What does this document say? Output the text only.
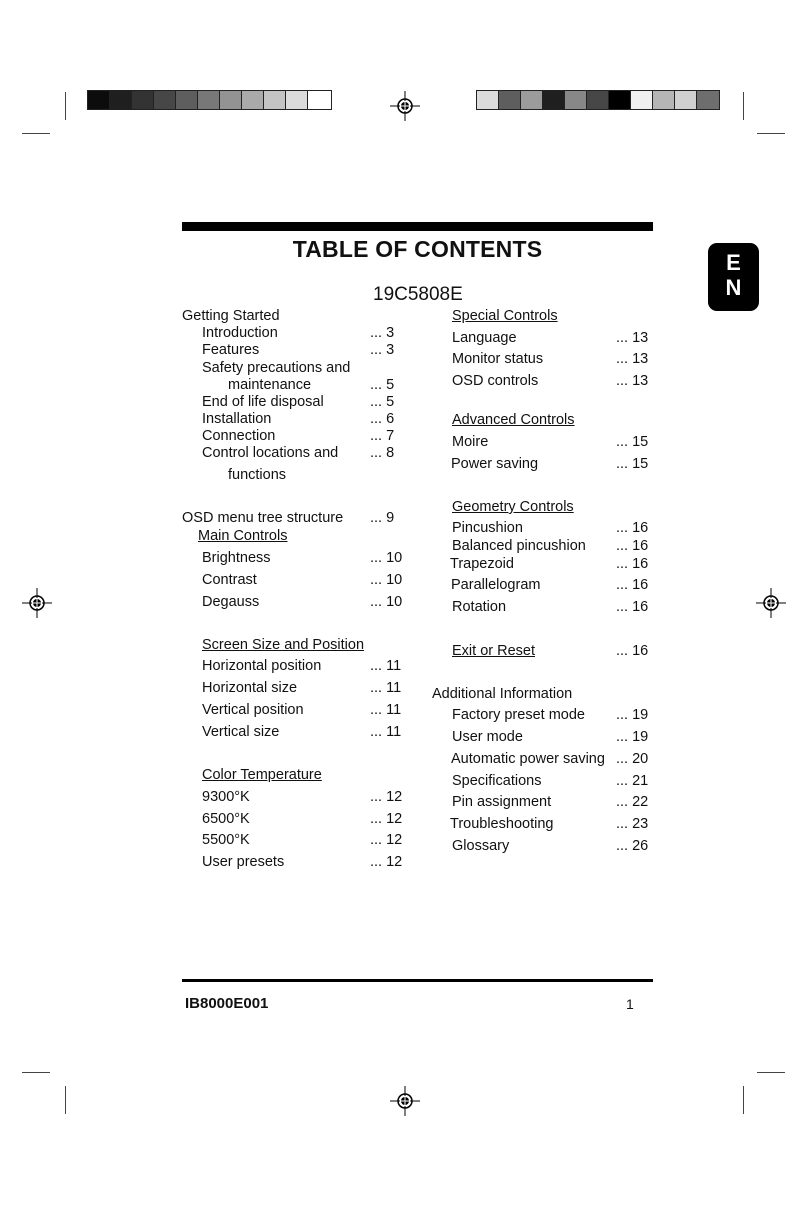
E
N
TABLE OF CONTENTS
19C5808E
Getting Started
Introduction	... 3
Features	... 3
Safety precautions and
maintenance	... 5
End of life disposal	... 5
Installation	... 6
Connection	... 7
Control locations and ... 8
functions
OSD menu tree structure ... 9
Main Controls
Brightness	... 10
Contrast	... 10
Degauss	... 10
Screen Size and Position
Horizontal position	... 11
Horizontal size	... 11
Vertical position	... 11
Vertical size	... 11
Color Temperature
9300°K	... 12
6500°K	... 12
5500°K	... 12
User presets	... 12
Special Controls
Language	... 13
Monitor status	... 13
OSD controls	... 13
Advanced Controls
Moire	... 15
Power saving	... 15
Geometry Controls
Pincushion	... 16
Balanced pincushion ... 16
Trapezoid	... 16
Parallelogram	... 16
Rotation	... 16
Exit or Reset	... 16
Additional Information
Factory preset mode ... 19
User mode	... 19
Automatic power saving ... 20
Specifications	... 21
Pin assignment	... 22
Troubleshooting	... 23
Glossary	... 26
IB8000E001	1
